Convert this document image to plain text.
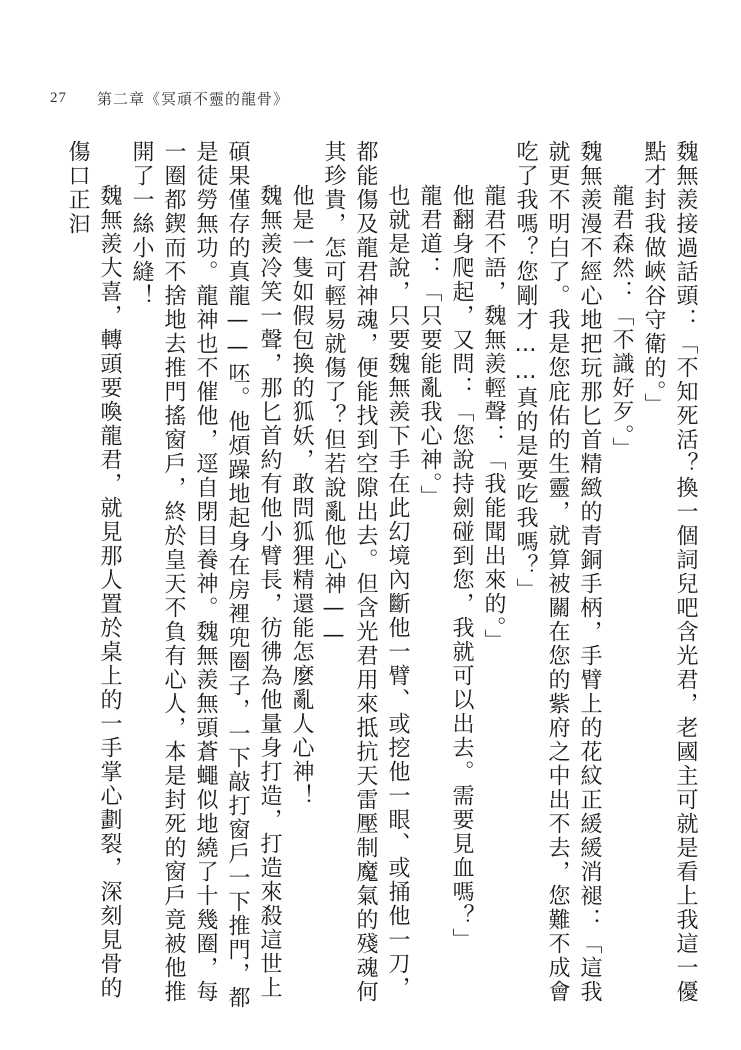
27 第二章《冥頑不靈的龍骨》

魏無羨接過話頭：「不知死活？換一個詞兒吧含光君，老國主可就是看上我這一優點才封我做峽谷守衛的。」

龍君森然：「不識好歹。」

魏無羨漫不經心地把玩那匕首精緻的青銅手柄，手臂上的花紋正緩緩消褪：「這我就更不明白了。我是您庇佑的生靈，就算被關在您的紫府之中出不去，您難不成會吃了我嗎？您剛才……真的是要吃我嗎？」

龍君不語，魏無羨輕聲：「我能聞出來的。」

他翻身爬起，又問：「您說持劍碰到您，我就可以出去。需要見血嗎？」

龍君道：「只要能亂我心神。」

也就是說，只要魏無羨下手在此幻境內斷他一臂、或挖他一眼、或捅他一刀，都能傷及龍君神魂，便能找到空隙出去。但含光君用來抵抗天雷壓制魔氣的殘魂何其珍貴，怎可輕易就傷了？但若說亂他心神——

他是一隻如假包換的狐妖，敢問狐狸精還能怎麼亂人心神！

魏無羨冷笑一聲，那匕首約有他小臂長，彷彿為他量身打造，打造來殺這世上碩果僅存的真龍——呸。他煩躁地起身在房裡兜圈子，一下敲打窗戶一下推門，都是徒勞無功。龍神也不催他，逕自閉目養神。魏無羨無頭蒼蠅似地繞了十幾圈，每一圈都鍥而不捨地去推門搖窗戶，終於皇天不負有心人，本是封死的窗戶竟被他推開了一絲小縫！

魏無羨大喜，轉頭要喚龍君，就見那人置於桌上的一手掌心劃裂，深刻見骨的傷口正汩
